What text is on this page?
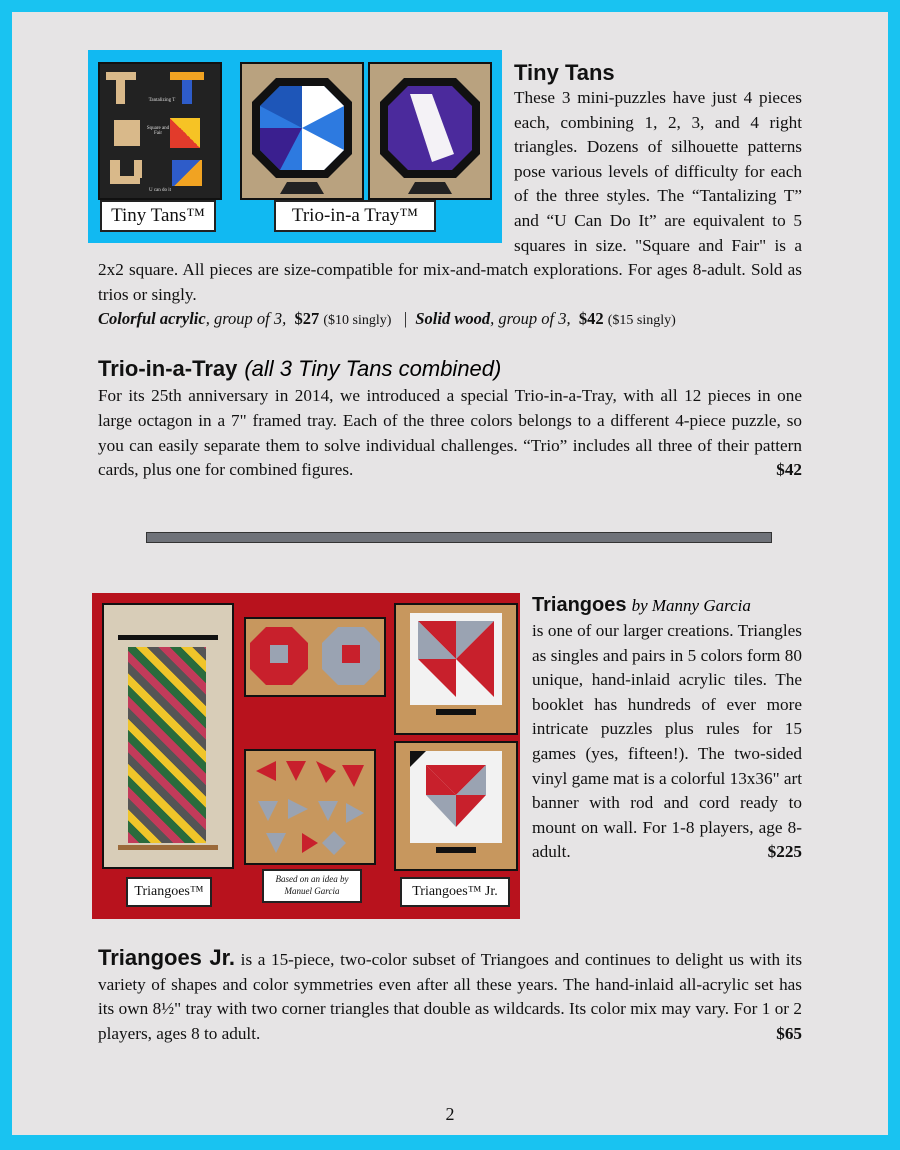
Tantalizing T
Square and Fair
U can do it
Tiny Tans™	Trio-in-a Tray™
Tiny Tans

These 3 mini-puzzles have just 4 pieces each, combining 1, 2, 3, and 4 right triangles. Dozens of silhouette patterns pose various levels of difficulty for each of the three styles. The “Tantalizing T” and “U Can Do It” are equivalent to 5 squares in size. "Square and Fair" is a 2x2 square. All pieces are size-compatible for mix-and-match explorations. For ages 8-adult. Sold as trios or singly.

Colorful acrylic, group of 3, $27 ($10 singly) | Solid wood, group of 3, $42 ($15 singly)

Trio-in-a-Tray (all 3 Tiny Tans combined)

For its 25th anniversary in 2014, we introduced a special Trio-in-a-Tray, with all 12 pieces in one large octagon in a 7" framed tray. Each of the three colors belongs to a different 4-piece puzzle, so you can easily separate them to solve individual challenges. “Trio” includes all three of their pattern cards, plus one for combined figures.	$42

Triangoes™
Based on an idea by Manuel Garcia	Triangoes™ Jr.
Triangoes by Manny Garcia

is one of our larger creations. Triangles as singles and pairs in 5 colors form 80 unique, hand-inlaid acrylic tiles. The booklet has hundreds of ever more intricate puzzles plus rules for 15 games (yes, fifteen!). The two-sided vinyl game mat is a colorful 13x36" art banner with rod and cord ready to mount on wall. For 1-8 players, age 8-adult.	$225

Triangoes Jr. is a 15-piece, two-color subset of Triangoes and continues to delight us with its variety of shapes and color symmetries even after all these years. The hand-inlaid all-acrylic set has its own 8½" tray with two corner triangles that double as wildcards. Its color mix may vary. For 1 or 2 players, ages 8 to adult.	$65

2
